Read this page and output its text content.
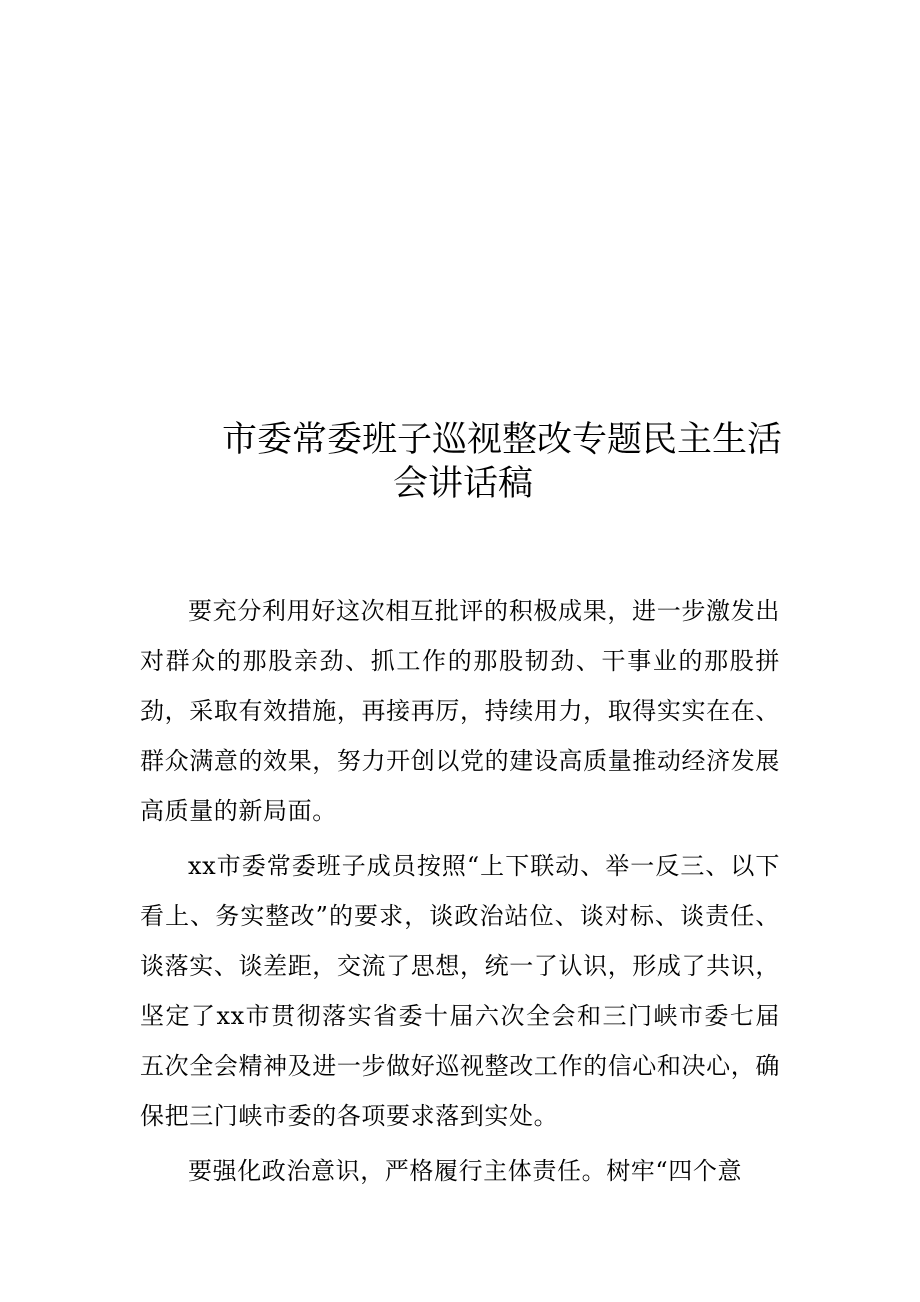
市委常委班子巡视整改专题民主生活
会讲话稿

要充分利用好这次相互批评的积极成果，进一步激发出对群众的那股亲劲、抓工作的那股韧劲、干事业的那股拼劲，采取有效措施，再接再厉，持续用力，取得实实在在、群众满意的效果，努力开创以党的建设高质量推动经济发展高质量的新局面。

xx市委常委班子成员按照“上下联动、举一反三、以下看上、务实整改”的要求，谈政治站位、谈对标、谈责任、谈落实、谈差距，交流了思想，统一了认识，形成了共识，坚定了xx市贯彻落实省委十届六次全会和三门峡市委七届五次全会精神及进一步做好巡视整改工作的信心和决心，确保把三门峡市委的各项要求落到实处。

要强化政治意识，严格履行主体责任。树牢“四个意
